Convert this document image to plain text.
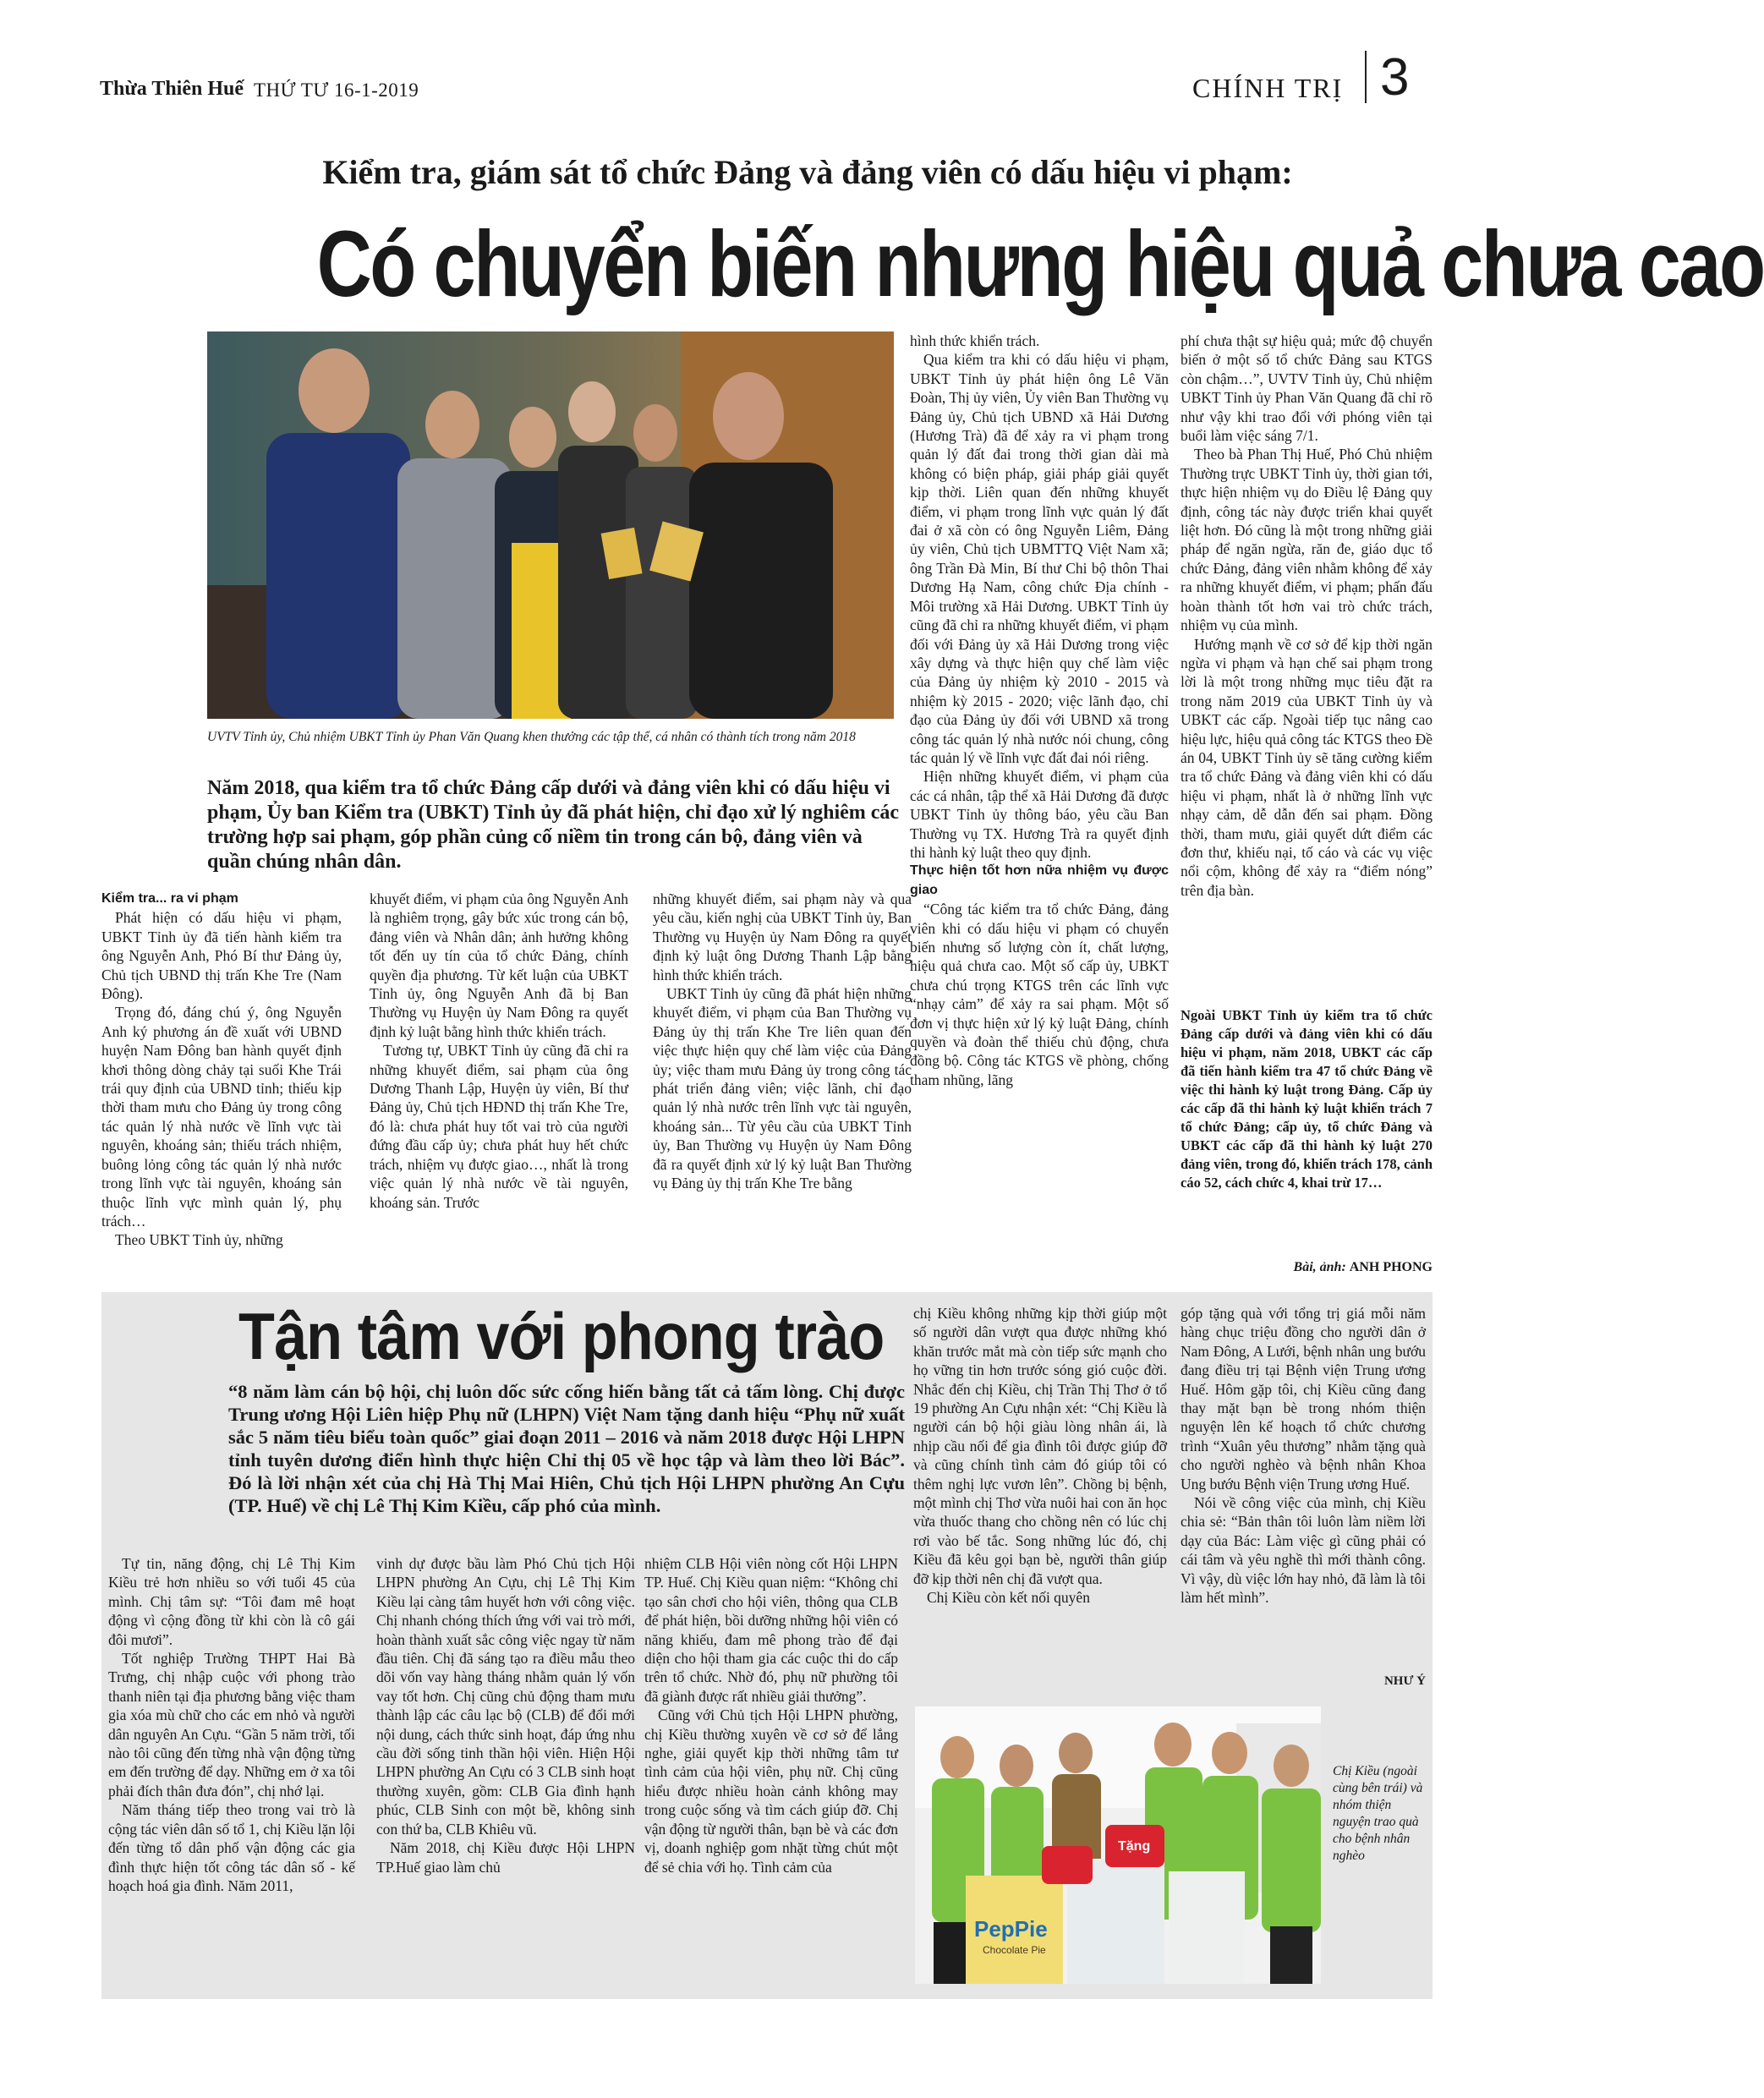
Thừa Thiên Huế THỨ TƯ 16-1-2019	CHÍNH TRỊ 3
Kiểm tra, giám sát tổ chức Đảng và đảng viên có dấu hiệu vi phạm:
Có chuyển biến nhưng hiệu quả chưa cao
UVTV Tỉnh ủy, Chủ nhiệm UBKT Tỉnh ủy Phan Văn Quang khen thưởng các tập thể, cá nhân có thành tích trong năm 2018
Năm 2018, qua kiểm tra tổ chức Đảng cấp dưới và đảng viên khi có dấu hiệu vi phạm, Ủy ban Kiểm tra (UBKT) Tỉnh ủy đã phát hiện, chỉ đạo xử lý nghiêm các trường hợp sai phạm, góp phần củng cố niềm tin trong cán bộ, đảng viên và quần chúng nhân dân.

Kiểm tra... ra vi phạm

Phát hiện có dấu hiệu vi phạm, UBKT Tỉnh ủy đã tiến hành kiểm tra ông Nguyễn Anh, Phó Bí thư Đảng ủy, Chủ tịch UBND thị trấn Khe Tre (Nam Đông).

Trọng đó, đáng chú ý, ông Nguyễn Anh ký phương án đề xuất với UBND huyện Nam Đông ban hành quyết định khơi thông dòng chảy tại suối Khe Trái trái quy định của UBND tỉnh; thiếu kịp thời tham mưu cho Đảng ủy trong công tác quản lý nhà nước về lĩnh vực tài nguyên, khoáng sản; thiếu trách nhiệm, buông lỏng công tác quản lý nhà nước trong lĩnh vực tài nguyên, khoáng sản thuộc lĩnh vực mình quản lý, phụ trách…

Theo UBKT Tỉnh ủy, những

khuyết điểm, vi phạm của ông Nguyễn Anh là nghiêm trọng, gây bức xúc trong cán bộ, đảng viên và Nhân dân; ảnh hưởng không tốt đến uy tín của tổ chức Đảng, chính quyền địa phương. Từ kết luận của UBKT Tỉnh ủy, ông Nguyễn Anh đã bị Ban Thường vụ Huyện ủy Nam Đông ra quyết định kỷ luật bằng hình thức khiển trách.

Tương tự, UBKT Tỉnh ủy cũng đã chỉ ra những khuyết điểm, sai phạm của ông Dương Thanh Lập, Huyện ủy viên, Bí thư Đảng ủy, Chủ tịch HĐND thị trấn Khe Tre, đó là: chưa phát huy tốt vai trò của người đứng đầu cấp ủy; chưa phát huy hết chức trách, nhiệm vụ được giao…, nhất là trong việc quản lý nhà nước về tài nguyên, khoáng sản. Trước

những khuyết điểm, sai phạm này và qua yêu cầu, kiến nghị của UBKT Tỉnh ủy, Ban Thường vụ Huyện ủy Nam Đông ra quyết định kỷ luật ông Dương Thanh Lập bằng hình thức khiển trách.

UBKT Tỉnh ủy cũng đã phát hiện những khuyết điểm, vi phạm của Ban Thường vụ Đảng ủy thị trấn Khe Tre liên quan đến việc thực hiện quy chế làm việc của Đảng ủy; việc tham mưu Đảng ủy trong công tác phát triển đảng viên; việc lãnh, chỉ đạo quản lý nhà nước trên lĩnh vực tài nguyên, khoáng sản... Từ yêu cầu của UBKT Tỉnh ủy, Ban Thường vụ Huyện ủy Nam Đông đã ra quyết định xử lý kỷ luật Ban Thường vụ Đảng ủy thị trấn Khe Tre bằng

hình thức khiển trách.

Qua kiểm tra khi có dấu hiệu vi phạm, UBKT Tỉnh ủy phát hiện ông Lê Văn Đoàn, Thị ủy viên, Ủy viên Ban Thường vụ Đảng ủy, Chủ tịch UBND xã Hải Dương (Hương Trà) đã để xảy ra vi phạm trong quản lý đất đai trong thời gian dài mà không có biện pháp, giải pháp giải quyết kịp thời. Liên quan đến những khuyết điểm, vi phạm trong lĩnh vực quản lý đất đai ở xã còn có ông Nguyễn Liêm, Đảng ủy viên, Chủ tịch UBMTTQ Việt Nam xã; ông Trần Đà Min, Bí thư Chi bộ thôn Thai Dương Hạ Nam, công chức Địa chính - Môi trường xã Hải Dương. UBKT Tỉnh ủy cũng đã chỉ ra những khuyết điểm, vi phạm đối với Đảng ủy xã Hải Dương trong việc xây dựng và thực hiện quy chế làm việc của Đảng ủy nhiệm kỳ 2010 - 2015 và nhiệm kỳ 2015 - 2020; việc lãnh đạo, chỉ đạo của Đảng ủy đối với UBND xã trong công tác quản lý nhà nước nói chung, công tác quản lý về lĩnh vực đất đai nói riêng.

Hiện những khuyết điểm, vi phạm của các cá nhân, tập thể xã Hải Dương đã được UBKT Tỉnh ủy thông báo, yêu cầu Ban Thường vụ TX. Hương Trà ra quyết định thi hành kỷ luật theo quy định.

Thực hiện tốt hơn nữa nhiệm vụ được giao

“Công tác kiểm tra tổ chức Đảng, đảng viên khi có dấu hiệu vi phạm có chuyển biến nhưng số lượng còn ít, chất lượng, hiệu quả chưa cao. Một số cấp ủy, UBKT chưa chú trọng KTGS trên các lĩnh vực “nhạy cảm” để xảy ra sai phạm. Một số đơn vị thực hiện xử lý kỷ luật Đảng, chính quyền và đoàn thể thiếu chủ động, chưa đồng bộ. Công tác KTGS về phòng, chống tham nhũng, lãng

phí chưa thật sự hiệu quả; mức độ chuyển biến ở một số tổ chức Đảng sau KTGS còn chậm…”, UVTV Tỉnh ủy, Chủ nhiệm UBKT Tỉnh ủy Phan Văn Quang đã chỉ rõ như vậy khi trao đổi với phóng viên tại buổi làm việc sáng 7/1.

Theo bà Phan Thị Huế, Phó Chủ nhiệm Thường trực UBKT Tỉnh ủy, thời gian tới, thực hiện nhiệm vụ do Điều lệ Đảng quy định, công tác này được triển khai quyết liệt hơn. Đó cũng là một trong những giải pháp để ngăn ngừa, răn đe, giáo dục tổ chức Đảng, đảng viên nhằm không để xảy ra những khuyết điểm, vi phạm; phấn đấu hoàn thành tốt hơn vai trò chức trách, nhiệm vụ của mình.

Hướng mạnh về cơ sở để kịp thời ngăn ngừa vi phạm và hạn chế sai phạm trong lời là một trong những mục tiêu đặt ra trong năm 2019 của UBKT Tỉnh ủy và UBKT các cấp. Ngoài tiếp tục nâng cao hiệu lực, hiệu quả công tác KTGS theo Đề án 04, UBKT Tỉnh ủy sẽ tăng cường kiểm tra tổ chức Đảng và đảng viên khi có dấu hiệu vi phạm, nhất là ở những lĩnh vực nhạy cảm, dễ dẫn đến sai phạm. Đồng thời, tham mưu, giải quyết dứt điểm các đơn thư, khiếu nại, tố cáo và các vụ việc nổi cộm, không để xảy ra “điểm nóng” trên địa bàn.

Ngoài UBKT Tỉnh ủy kiểm tra tổ chức Đảng cấp dưới và đảng viên khi có dấu hiệu vi phạm, năm 2018, UBKT các cấp đã tiến hành kiểm tra 47 tổ chức Đảng về việc thi hành kỷ luật trong Đảng. Cấp ủy các cấp đã thi hành kỷ luật khiển trách 7 tổ chức Đảng; cấp ủy, tổ chức Đảng và UBKT các cấp đã thi hành kỷ luật 270 đảng viên, trong đó, khiển trách 178, cảnh cáo 52, cách chức 4, khai trừ 17…
Bài, ảnh: ANH PHONG
Tận tâm với phong trào
“8 năm làm cán bộ hội, chị luôn dốc sức cống hiến bằng tất cả tấm lòng. Chị được Trung ương Hội Liên hiệp Phụ nữ (LHPN) Việt Nam tặng danh hiệu “Phụ nữ xuất sắc 5 năm tiêu biểu toàn quốc” giai đoạn 2011 – 2016 và năm 2018 được Hội LHPN tỉnh tuyên dương điển hình thực hiện Chỉ thị 05 về học tập và làm theo lời Bác”. Đó là lời nhận xét của chị Hà Thị Mai Hiên, Chủ tịch Hội LHPN phường An Cựu (TP. Huế) về chị Lê Thị Kim Kiều, cấp phó của mình.

Tự tin, năng động, chị Lê Thị Kim Kiều trẻ hơn nhiều so với tuổi 45 của mình. Chị tâm sự: “Tôi đam mê hoạt động vì cộng đồng từ khi còn là cô gái đôi mươi”.

Tốt nghiệp Trường THPT Hai Bà Trưng, chị nhập cuộc với phong trào thanh niên tại địa phương bằng việc tham gia xóa mù chữ cho các em nhỏ và người dân nguyên An Cựu. “Gần 5 năm trời, tối nào tôi cũng đến từng nhà vận động từng em đến trường để dạy. Những em ở xa tôi phải đích thân đưa đón”, chị nhớ lại.

Năm tháng tiếp theo trong vai trò là cộng tác viên dân số tổ 1, chị Kiều lặn lội đến từng tổ dân phố vận động các gia đình thực hiện tốt công tác dân số - kế hoạch hoá gia đình. Năm 2011,

vinh dự được bầu làm Phó Chủ tịch Hội LHPN phường An Cựu, chị Lê Thị Kim Kiều lại càng tâm huyết hơn với công việc. Chị nhanh chóng thích ứng với vai trò mới, hoàn thành xuất sắc công việc ngay từ năm đầu tiên. Chị đã sáng tạo ra điều mẫu theo dõi vốn vay hàng tháng nhằm quản lý vốn vay tốt hơn. Chị cũng chủ động tham mưu thành lập các câu lạc bộ (CLB) để đổi mới nội dung, cách thức sinh hoạt, đáp ứng nhu cầu đời sống tinh thần hội viên. Hiện Hội LHPN phường An Cựu có 3 CLB sinh hoạt thường xuyên, gồm: CLB Gia đình hạnh phúc, CLB Sinh con một bề, không sinh con thứ ba, CLB Khiêu vũ.

Năm 2018, chị Kiều được Hội LHPN TP.Huế giao làm chủ

nhiệm CLB Hội viên nòng cốt Hội LHPN TP. Huế. Chị Kiều quan niệm: “Không chỉ tạo sân chơi cho hội viên, thông qua CLB để phát hiện, bồi dưỡng những hội viên có năng khiếu, đam mê phong trào để đại diện cho hội tham gia các cuộc thi do cấp trên tổ chức. Nhờ đó, phụ nữ phường tôi đã giành được rất nhiều giải thưởng”.

Cũng với Chủ tịch Hội LHPN phường, chị Kiều thường xuyên về cơ sở để lắng nghe, giải quyết kịp thời những tâm tư tình cảm của hội viên, phụ nữ. Chị cũng hiểu được nhiều hoàn cảnh không may trong cuộc sống và tìm cách giúp đỡ. Chị vận động từ người thân, bạn bè và các đơn vị, doanh nghiệp gom nhặt từng chút một để sẻ chia với họ. Tình cảm của

chị Kiều không những kịp thời giúp một số người dân vượt qua được những khó khăn trước mắt mà còn tiếp sức mạnh cho họ vững tin hơn trước sóng gió cuộc đời. Nhắc đến chị Kiều, chị Trần Thị Thơ ở tổ 19 phường An Cựu nhận xét: “Chị Kiều là người cán bộ hội giàu lòng nhân ái, là nhịp cầu nối để gia đình tôi được giúp đỡ và cũng chính tình cảm đó giúp tôi có thêm nghị lực vươn lên”. Chồng bị bệnh, một mình chị Thơ vừa nuôi hai con ăn học vừa thuốc thang cho chồng nên có lúc chị rơi vào bế tắc. Song những lúc đó, chị Kiều đã kêu gọi bạn bè, người thân giúp đỡ kịp thời nên chị đã vượt qua.

Chị Kiều còn kết nối quyên

góp tặng quà với tổng trị giá mỗi năm hàng chục triệu đồng cho người dân ở Nam Đông, A Lưới, bệnh nhân ung bướu đang điều trị tại Bệnh viện Trung ương Huế. Hôm gặp tôi, chị Kiều cũng đang thay mặt bạn bè trong nhóm thiện nguyện lên kế hoạch tổ chức chương trình “Xuân yêu thương” nhằm tặng quà cho người nghèo và bệnh nhân Khoa Ung bướu Bệnh viện Trung ương Huế.

Nói về công việc của mình, chị Kiều chia sẻ: “Bản thân tôi luôn làm niềm lời dạy của Bác: Làm việc gì cũng phải có cái tâm và yêu nghề thì mới thành công. Vì vậy, dù việc lớn hay nhỏ, đã làm là tôi làm hết mình”.

NHƯ Ý
PepPie
Chocolate Pie
Tặng
Chị Kiều (ngoài cùng bên trái) và nhóm thiện nguyện trao quà cho bệnh nhân nghèo
